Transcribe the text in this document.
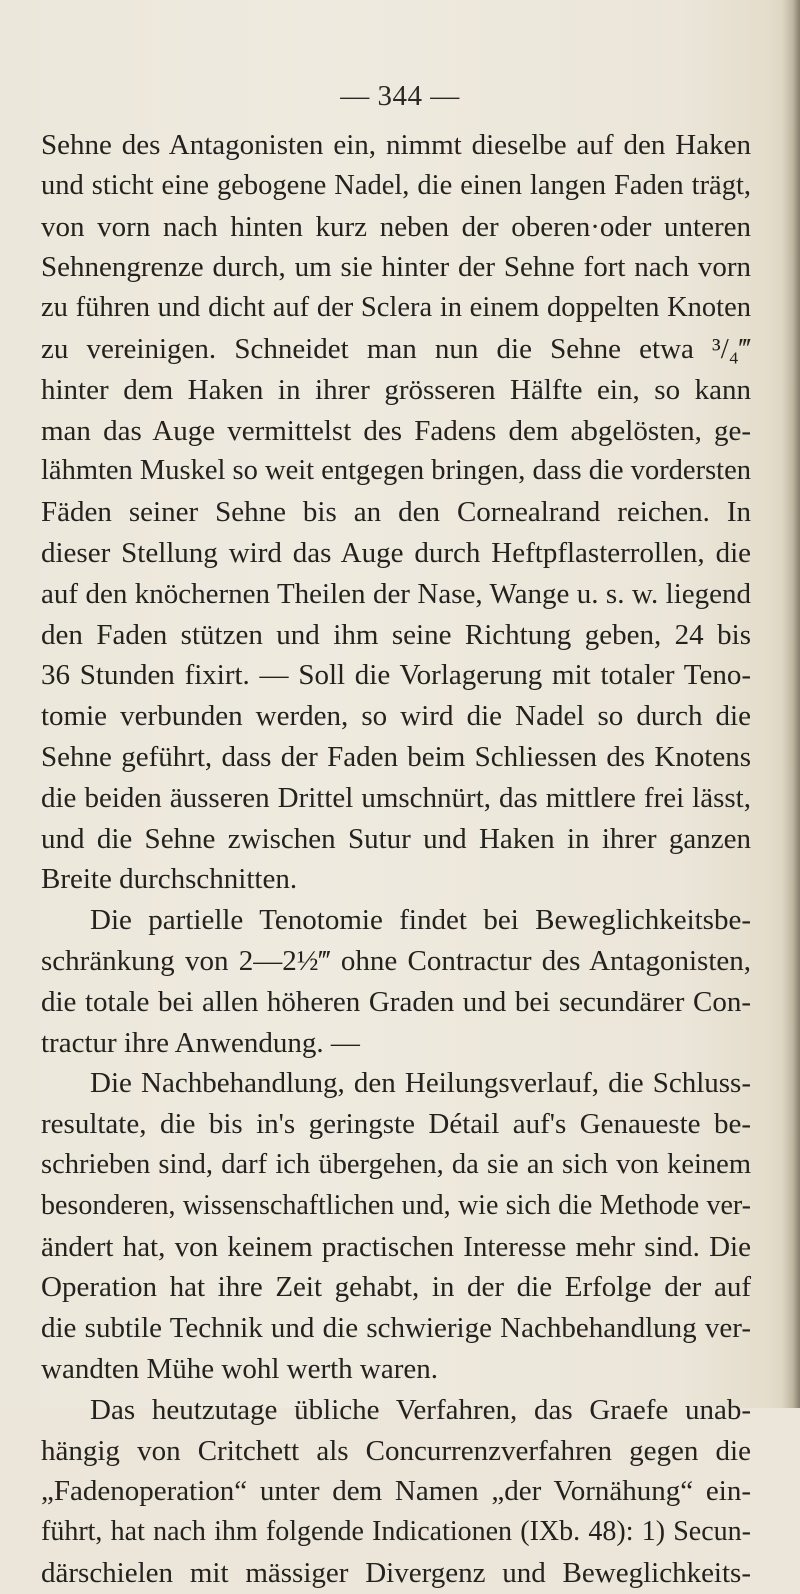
— 344 —
Sehne des Antagonisten ein, nimmt dieselbe auf den Haken
und sticht eine gebogene Nadel, die einen langen Faden trägt,
von vorn nach hinten kurz neben der oberen·oder unteren
Sehnengrenze durch, um sie hinter der Sehne fort nach vorn
zu führen und dicht auf der Sclera in einem doppelten Knoten
zu vereinigen. Schneidet man nun die Sehne etwa ³/₄‴
hinter dem Haken in ihrer grösseren Hälfte ein, so kann
man das Auge vermittelst des Fadens dem abgelösten, ge-
lähmten Muskel so weit entgegen bringen, dass die vordersten
Fäden seiner Sehne bis an den Cornealrand reichen. In
dieser Stellung wird das Auge durch Heftpflasterrollen, die
auf den knöchernen Theilen der Nase, Wange u. s. w. liegend
den Faden stützen und ihm seine Richtung geben, 24 bis
36 Stunden fixirt. — Soll die Vorlagerung mit totaler Teno-
tomie verbunden werden, so wird die Nadel so durch die
Sehne geführt, dass der Faden beim Schliessen des Knotens
die beiden äusseren Drittel umschnürt, das mittlere frei lässt,
und die Sehne zwischen Sutur und Haken in ihrer ganzen
Breite durchschnitten.
Die partielle Tenotomie findet bei Beweglichkeitsbe-
schränkung von 2—2½‴ ohne Contractur des Antagonisten,
die totale bei allen höheren Graden und bei secundärer Con-
tractur ihre Anwendung. —
Die Nachbehandlung, den Heilungsverlauf, die Schluss-
resultate, die bis in's geringste Détail auf's Genaueste be-
schrieben sind, darf ich übergehen, da sie an sich von keinem
besonderen, wissenschaftlichen und, wie sich die Methode ver-
ändert hat, von keinem practischen Interesse mehr sind. Die
Operation hat ihre Zeit gehabt, in der die Erfolge der auf
die subtile Technik und die schwierige Nachbehandlung ver-
wandten Mühe wohl werth waren.
Das heutzutage übliche Verfahren, das Graefe unab-
hängig von Critchett als Concurrenzverfahren gegen die
„Fadenoperation“ unter dem Namen „der Vornähung“ ein-
führt, hat nach ihm folgende Indicationen (IXb. 48): 1) Secun-
därschielen mit mässiger Divergenz und Beweglichkeits-
